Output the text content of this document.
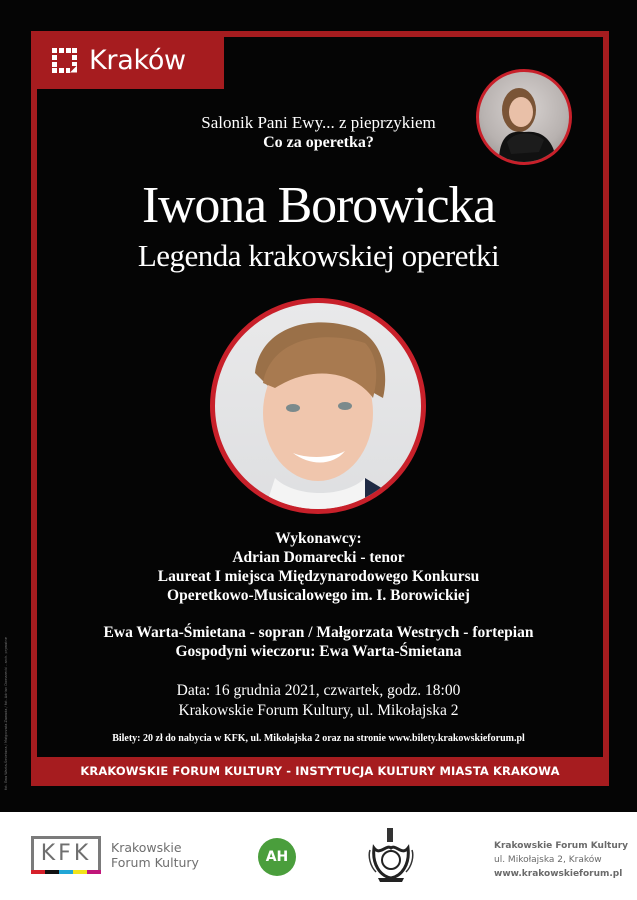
Kraków
Salonik Pani Ewy... z pieprzykiem
Co za operetka?
Iwona Borowicka
Legenda krakowskiej operetki
Wykonawcy:
Adrian Domarecki - tenor
Laureat I miejsca Międzynarodowego Konkursu
Operetkowo-Musicalowego im. I. Borowickiej
Ewa Warta-Śmietana - sopran / Małgorzata Westrych - fortepian
Gospodyni wieczoru: Ewa Warta-Śmietana
Data: 16 grudnia 2021, czwartek, godz. 18:00
Krakowskie Forum Kultury, ul. Mikołajska 2
Bilety: 20 zł do nabycia w KFK, ul. Mikołajska 2 oraz na stronie www.bilety.krakowskieforum.pl
KRAKOWSKIE FORUM KULTURY - INSTYTUCJA KULTURY MIASTA KRAKOWA
fot. Ewa Warta-Śmietana / Małgorzata Zawada / fot. Adrian Domarecki - arch. prywatne
KFK	Krakowskie
Forum Kultury	AH
Krakowskie Forum Kultury
ul. Mikołajska 2, Kraków
www.krakowskieforum.pl
